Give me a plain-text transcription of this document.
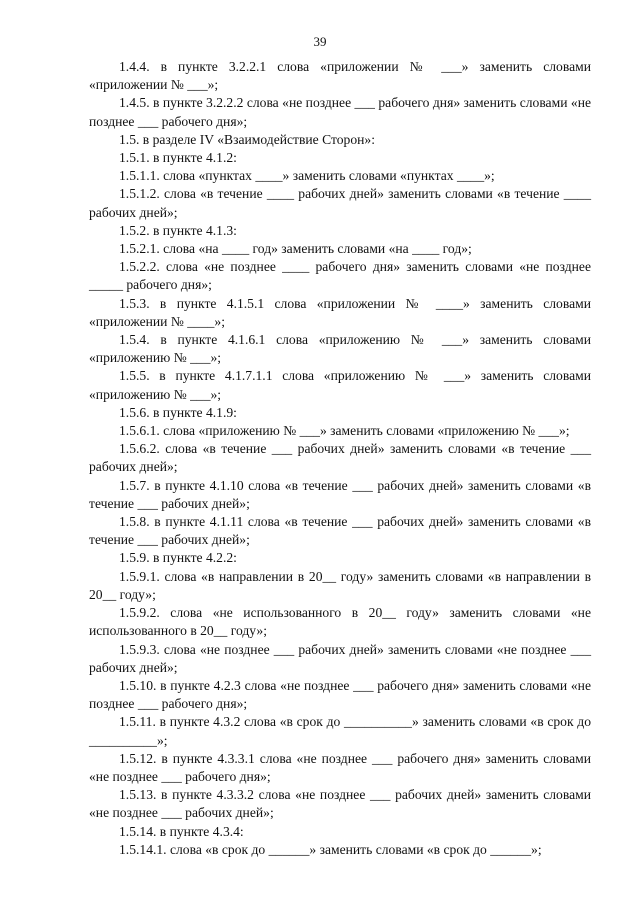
39

1.4.4. в пункте 3.2.2.1 слова «приложении № ___» заменить словами «приложении № ___»;

1.4.5. в пункте 3.2.2.2 слова «не позднее ___ рабочего дня» заменить словами «не позднее ___ рабочего дня»;

1.5. в разделе IV «Взаимодействие Сторон»:

1.5.1. в пункте 4.1.2:

1.5.1.1. слова «пунктах ____» заменить словами «пунктах ____»;

1.5.1.2. слова «в течение ____ рабочих дней» заменить словами «в течение ____ рабочих дней»;

1.5.2. в пункте 4.1.3:

1.5.2.1. слова «на ____ год» заменить словами «на ____ год»;

1.5.2.2. слова «не позднее ____ рабочего дня» заменить словами «не позднее _____ рабочего дня»;

1.5.3. в пункте 4.1.5.1 слова «приложении № ____» заменить словами «приложении № ____»;

1.5.4. в пункте 4.1.6.1 слова «приложению № ___» заменить словами «приложению № ___»;

1.5.5. в пункте 4.1.7.1.1 слова «приложению № ___» заменить словами «приложению № ___»;

1.5.6. в пункте 4.1.9:

1.5.6.1. слова «приложению № ___» заменить словами «приложению № ___»;

1.5.6.2. слова «в течение ___ рабочих дней» заменить словами «в течение ___ рабочих дней»;

1.5.7. в пункте 4.1.10 слова «в течение ___ рабочих дней» заменить словами «в течение ___ рабочих дней»;

1.5.8. в пункте 4.1.11 слова «в течение ___ рабочих дней» заменить словами «в течение ___ рабочих дней»;

1.5.9. в пункте 4.2.2:

1.5.9.1. слова «в направлении в 20__ году» заменить словами «в направлении в 20__ году»;

1.5.9.2. слова «не использованного в 20__ году» заменить словами «не использованного в 20__ году»;

1.5.9.3. слова «не позднее ___ рабочих дней» заменить словами «не позднее ___ рабочих дней»;

1.5.10. в пункте 4.2.3 слова «не позднее ___ рабочего дня» заменить словами «не позднее ___ рабочего дня»;

1.5.11. в пункте 4.3.2 слова «в срок до __________» заменить словами «в срок до __________»;

1.5.12. в пункте 4.3.3.1 слова «не позднее ___ рабочего дня» заменить словами «не позднее ___ рабочего дня»;

1.5.13. в пункте 4.3.3.2 слова «не позднее ___ рабочих дней» заменить словами «не позднее ___ рабочих дней»;

1.5.14. в пункте 4.3.4:

1.5.14.1. слова «в срок до ______» заменить словами «в срок до ______»;
